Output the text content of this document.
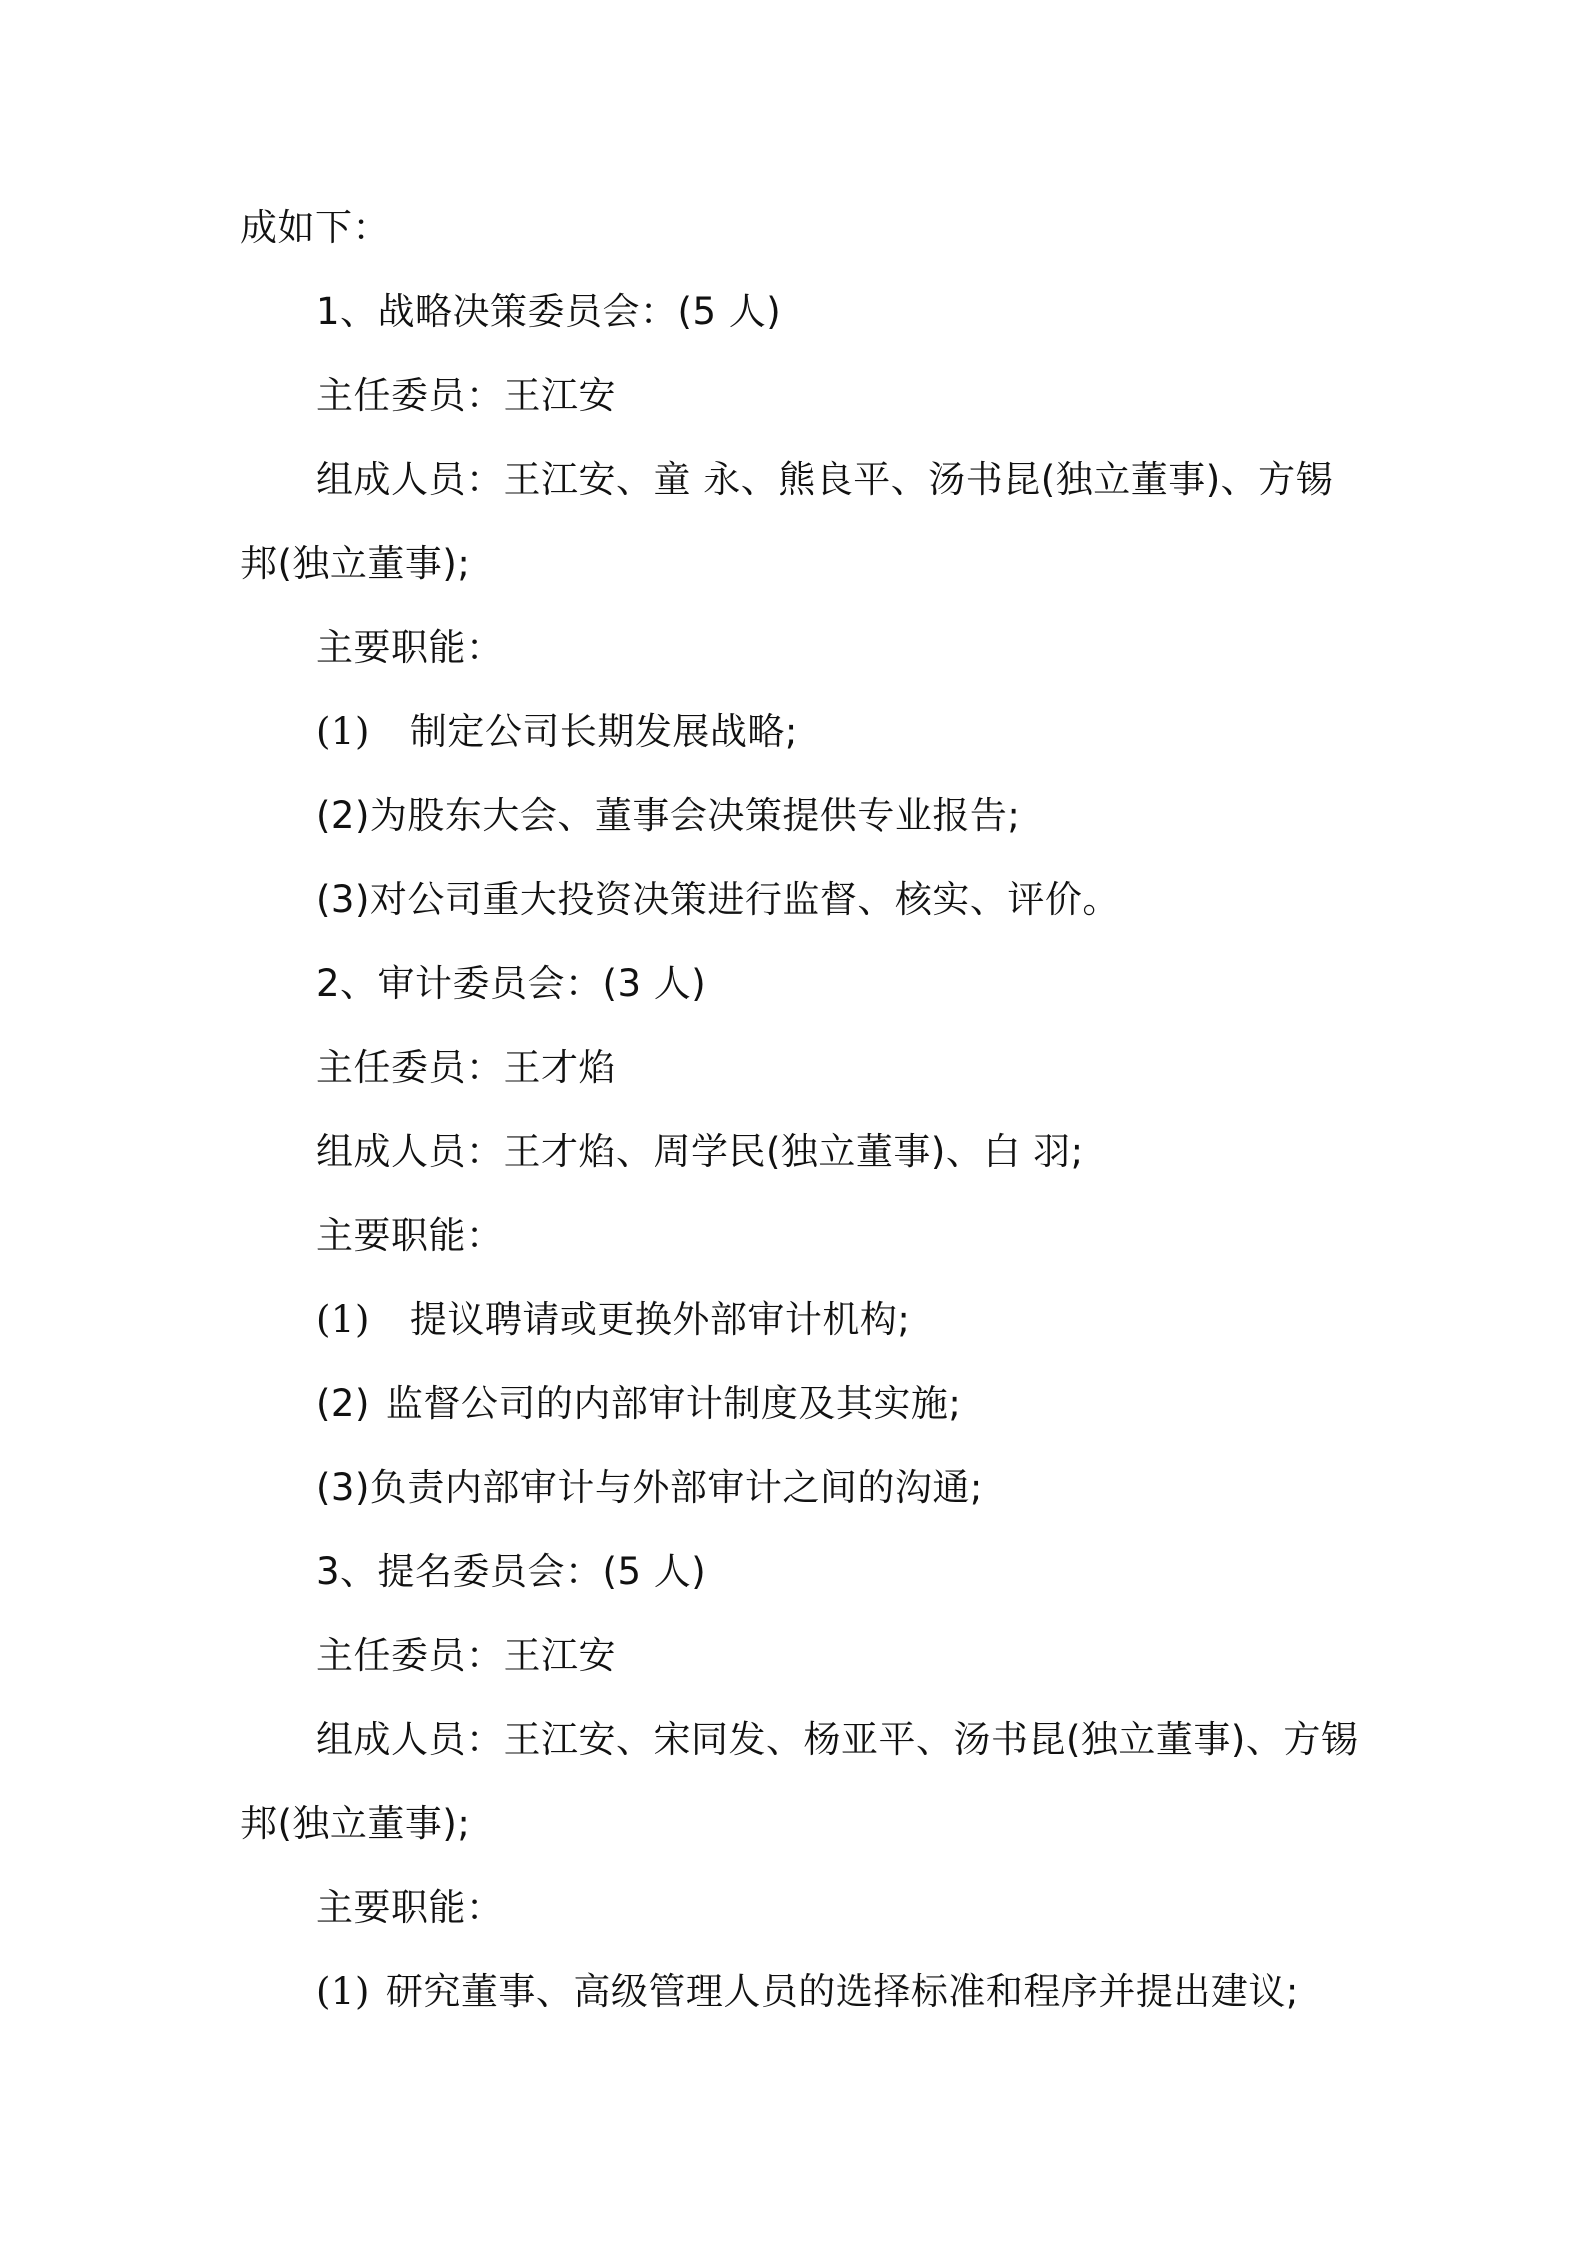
成如下：
1、战略决策委员会：(5 人)
主任委员：王江安
组成人员：王江安、童 永、熊良平、汤书昆(独立董事)、方锡
邦(独立董事);
主要职能：
(1) 制定公司长期发展战略;
(2)为股东大会、董事会决策提供专业报告;
(3)对公司重大投资决策进行监督、核实、评价。
2、审计委员会：(3 人)
主任委员：王才焰
组成人员：王才焰、周学民(独立董事)、白 羽;
主要职能：
(1) 提议聘请或更换外部审计机构;
(2) 监督公司的内部审计制度及其实施;
(3)负责内部审计与外部审计之间的沟通;
3、提名委员会：(5 人)
主任委员：王江安
组成人员：王江安、宋同发、杨亚平、汤书昆(独立董事)、方锡
邦(独立董事);
主要职能：
(1) 研究董事、高级管理人员的选择标准和程序并提出建议;
